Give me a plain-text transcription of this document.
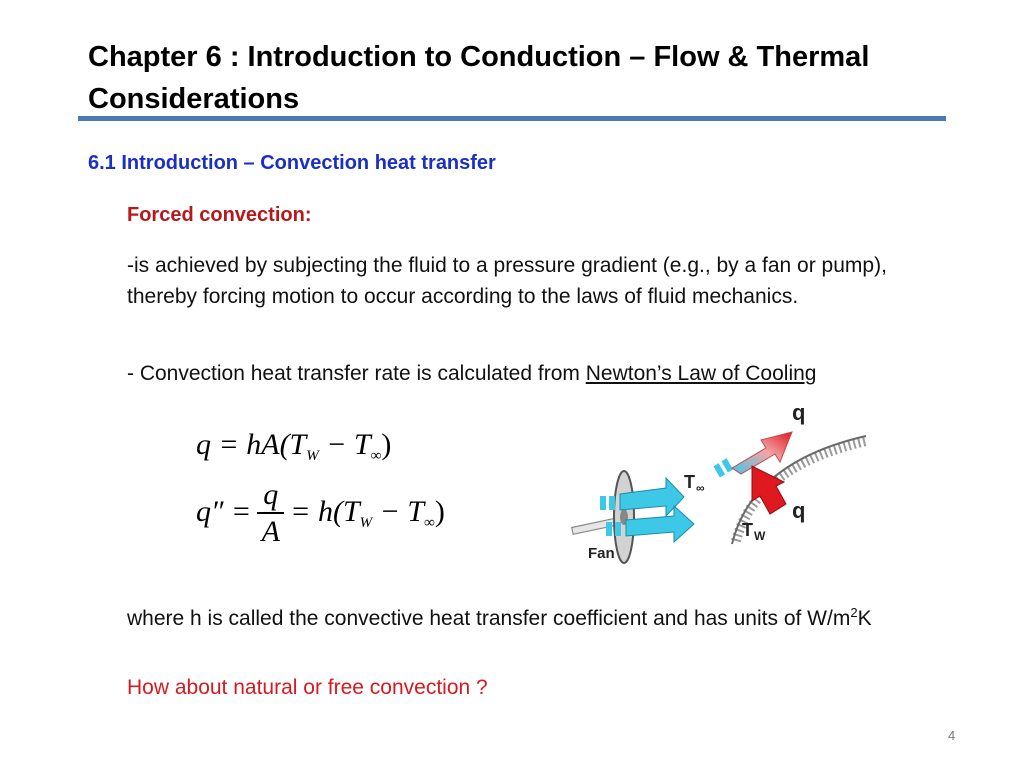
Chapter 6 : Introduction to Conduction – Flow & Thermal Considerations
6.1 Introduction – Convection heat transfer
Forced convection:
-is achieved by subjecting the fluid to a pressure gradient (e.g., by a fan or pump), thereby forcing motion to occur according to the laws of fluid mechanics.
- Convection heat transfer rate is calculated from Newton’s Law of Cooling
$q = hA(T_W - T_\infty)$
$q'' = \frac{q}{A} = h(T_W - T_\infty)$
q
q
T ∞
T W
Fan
where h is called the convective heat transfer coefficient and has units of $W/m^2K$
How about natural or free convection ?
4
